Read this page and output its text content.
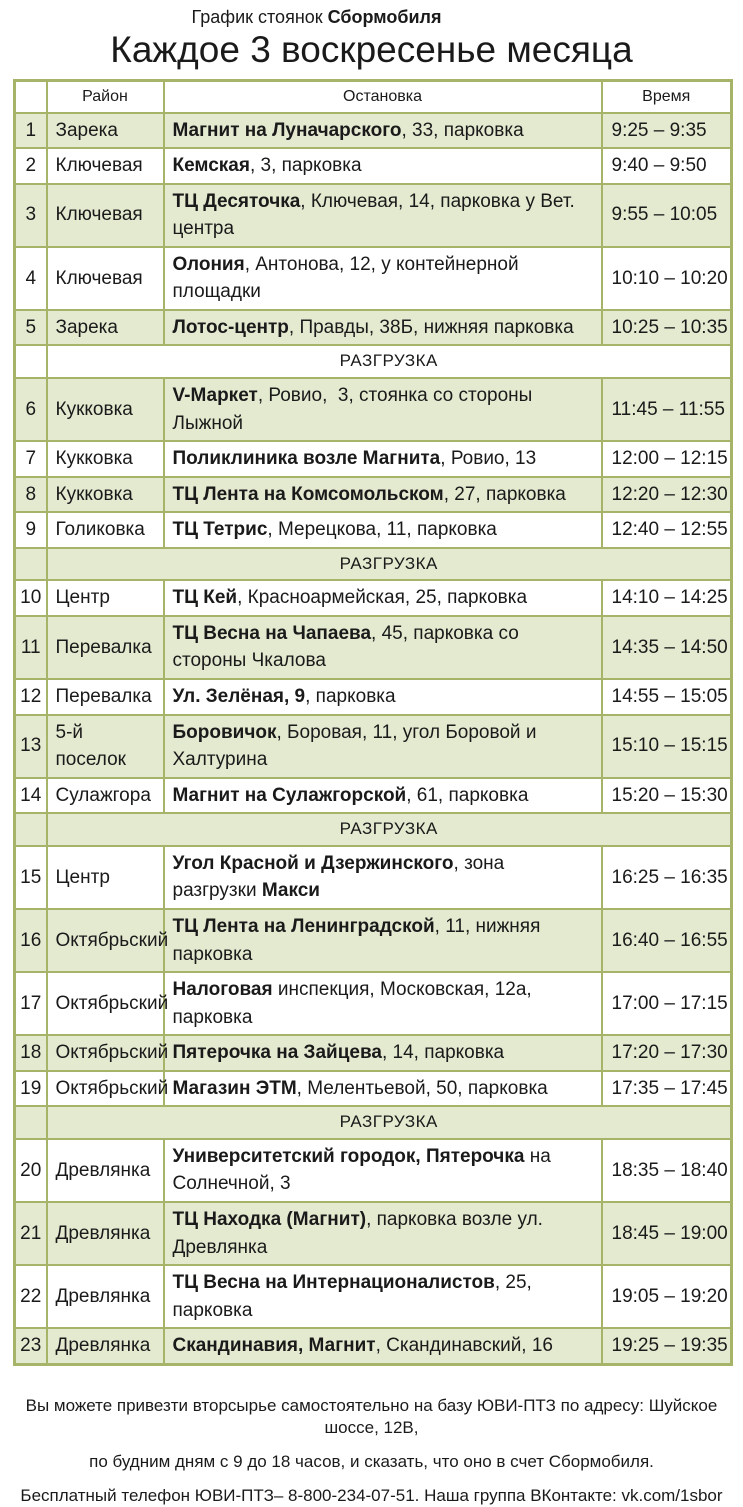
График стоянок Сбормобиля
Каждое 3 воскресенье месяца
	Район	Остановка	Время
1	Зарека	Магнит на Луначарского, 33, парковка	9:25 – 9:35
2	Ключевая	Кемская, 3, парковка	9:40 – 9:50
3	Ключевая	ТЦ Десяточка, Ключевая, 14, парковка у Вет. центра	9:55 – 10:05
4	Ключевая	Олония, Антонова, 12, у контейнерной площадки	10:10 – 10:20
5	Зарека	Лотос-центр, Правды, 38Б, нижняя парковка	10:25 – 10:35
	РАЗГРУЗКА		
6	Кукковка	V-Маркет, Ровио,  3, стоянка со стороны Лыжной	11:45 – 11:55
7	Кукковка	Поликлиника возле Магнита, Ровио, 13	12:00 – 12:15
8	Кукковка	ТЦ Лента на Комсомольском, 27, парковка	12:20 – 12:30
9	Голиковка	ТЦ Тетрис, Мерецкова, 11, парковка	12:40 – 12:55
	РАЗГРУЗКА		
10	Центр	ТЦ Кей, Красноармейская, 25, парковка	14:10 – 14:25
11	Перевалка	ТЦ Весна на Чапаева, 45, парковка со стороны Чкалова	14:35 – 14:50
12	Перевалка	Ул. Зелёная, 9, парковка	14:55 – 15:05
13	5-й поселок	Боровичок, Боровая, 11, угол Боровой и Халтурина	15:10 – 15:15
14	Сулажгора	Магнит на Сулажгорской, 61, парковка	15:20 – 15:30
	РАЗГРУЗКА		
15	Центр	Угол Красной и Дзержинского, зона разгрузки Макси	16:25 – 16:35
16	Октябрьский	ТЦ Лента на Ленинградской, 11, нижняя парковка	16:40 – 16:55
17	Октябрьский	Налоговая инспекция, Московская, 12а, парковка	17:00 – 17:15
18	Октябрьский	Пятерочка на Зайцева, 14, парковка	17:20 – 17:30
19	Октябрьский	Магазин ЭТМ, Мелентьевой, 50, парковка	17:35 – 17:45
	РАЗГРУЗКА		
20	Древлянка	Университетский городок, Пятерочка на Солнечной, 3	18:35 – 18:40
21	Древлянка	ТЦ Находка (Магнит), парковка возле ул. Древлянка	18:45 – 19:00
22	Древлянка	ТЦ Весна на Интернационалистов, 25, парковка	19:05 – 19:20
23	Древлянка	Скандинавия, Магнит, Скандинавский, 16	19:25 – 19:35
Вы можете привезти вторсырье самостоятельно на базу ЮВИ-ПТЗ по адресу: Шуйское шоссе, 12В,
по будним дням с 9 до 18 часов, и сказать, что оно в счет Сбормобиля.
Бесплатный телефон ЮВИ-ПТЗ– 8-800-234-07-51. Наша группа ВКонтакте: vk.com/1sbor
